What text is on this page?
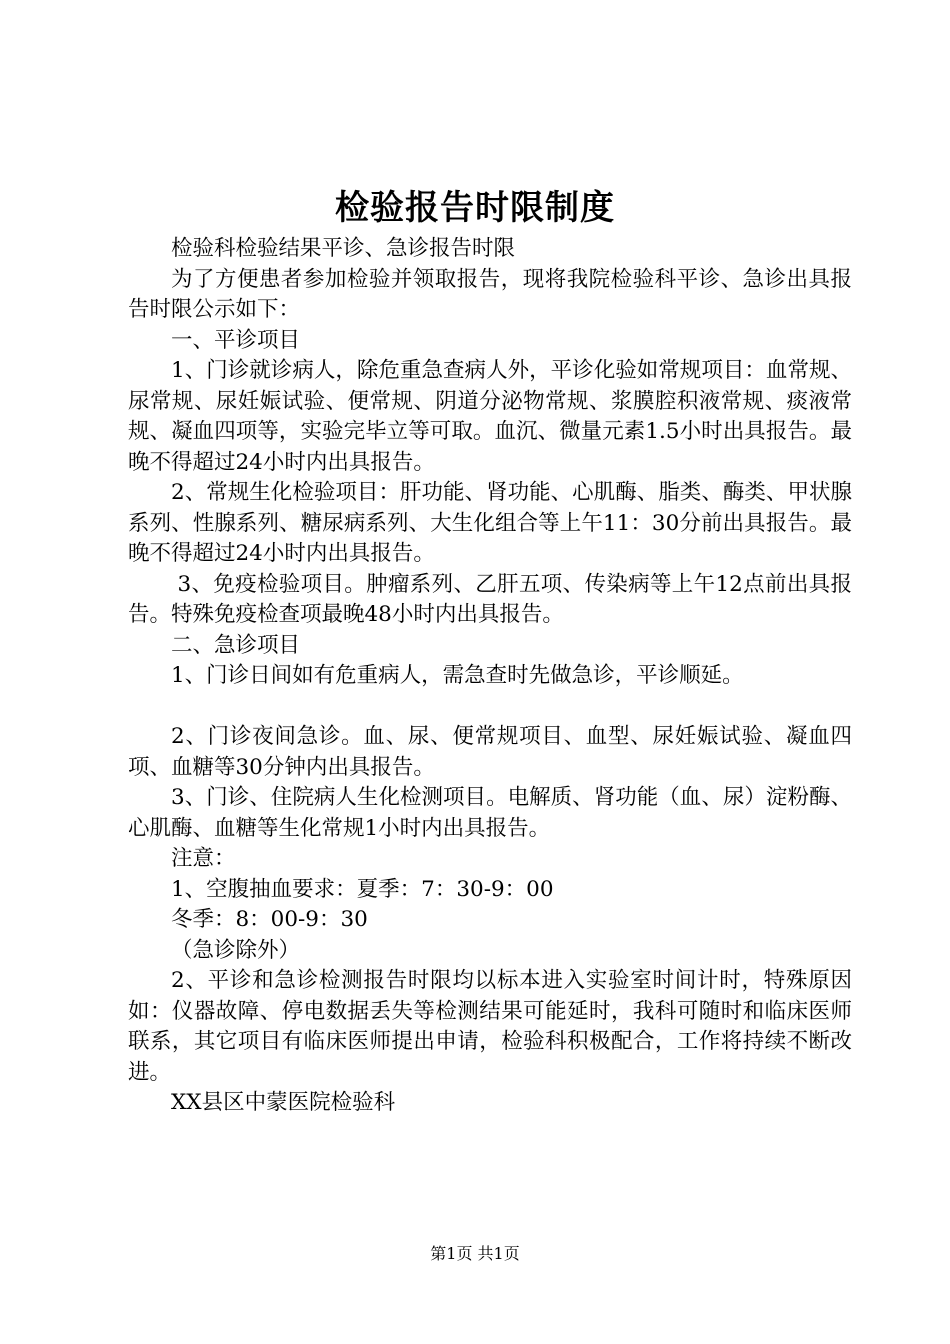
检验报告时限制度

检验科检验结果平诊、急诊报告时限

为了方便患者参加检验并领取报告，现将我院检验科平诊、急诊出具报告时限公示如下：

一、平诊项目

1、门诊就诊病人，除危重急查病人外，平诊化验如常规项目：血常规、尿常规、尿妊娠试验、便常规、阴道分泌物常规、浆膜腔积液常规、痰液常规、凝血四项等，实验完毕立等可取。血沉、微量元素1.5小时出具报告。最晚不得超过24小时内出具报告。

2、常规生化检验项目：肝功能、肾功能、心肌酶、脂类、酶类、甲状腺系列、性腺系列、糖尿病系列、大生化组合等上午11：30分前出具报告。最晚不得超过24小时内出具报告。

3、免疫检验项目。肿瘤系列、乙肝五项、传染病等上午12点前出具报告。特殊免疫检查项最晚48小时内出具报告。

二、急诊项目

1、门诊日间如有危重病人，需急查时先做急诊，平诊顺延。

2、门诊夜间急诊。血、尿、便常规项目、血型、尿妊娠试验、凝血四项、血糖等30分钟内出具报告。

3、门诊、住院病人生化检测项目。电解质、肾功能（血、尿）淀粉酶、心肌酶、血糖等生化常规1小时内出具报告。

注意：

1、空腹抽血要求：夏季：7：30-9：00

冬季：8：00-9：30

（急诊除外）

2、平诊和急诊检测报告时限均以标本进入实验室时间计时，特殊原因如：仪器故障、停电数据丢失等检测结果可能延时，我科可随时和临床医师联系，其它项目有临床医师提出申请，检验科积极配合，工作将持续不断改进。

XX县区中蒙医院检验科

第1页 共1页
